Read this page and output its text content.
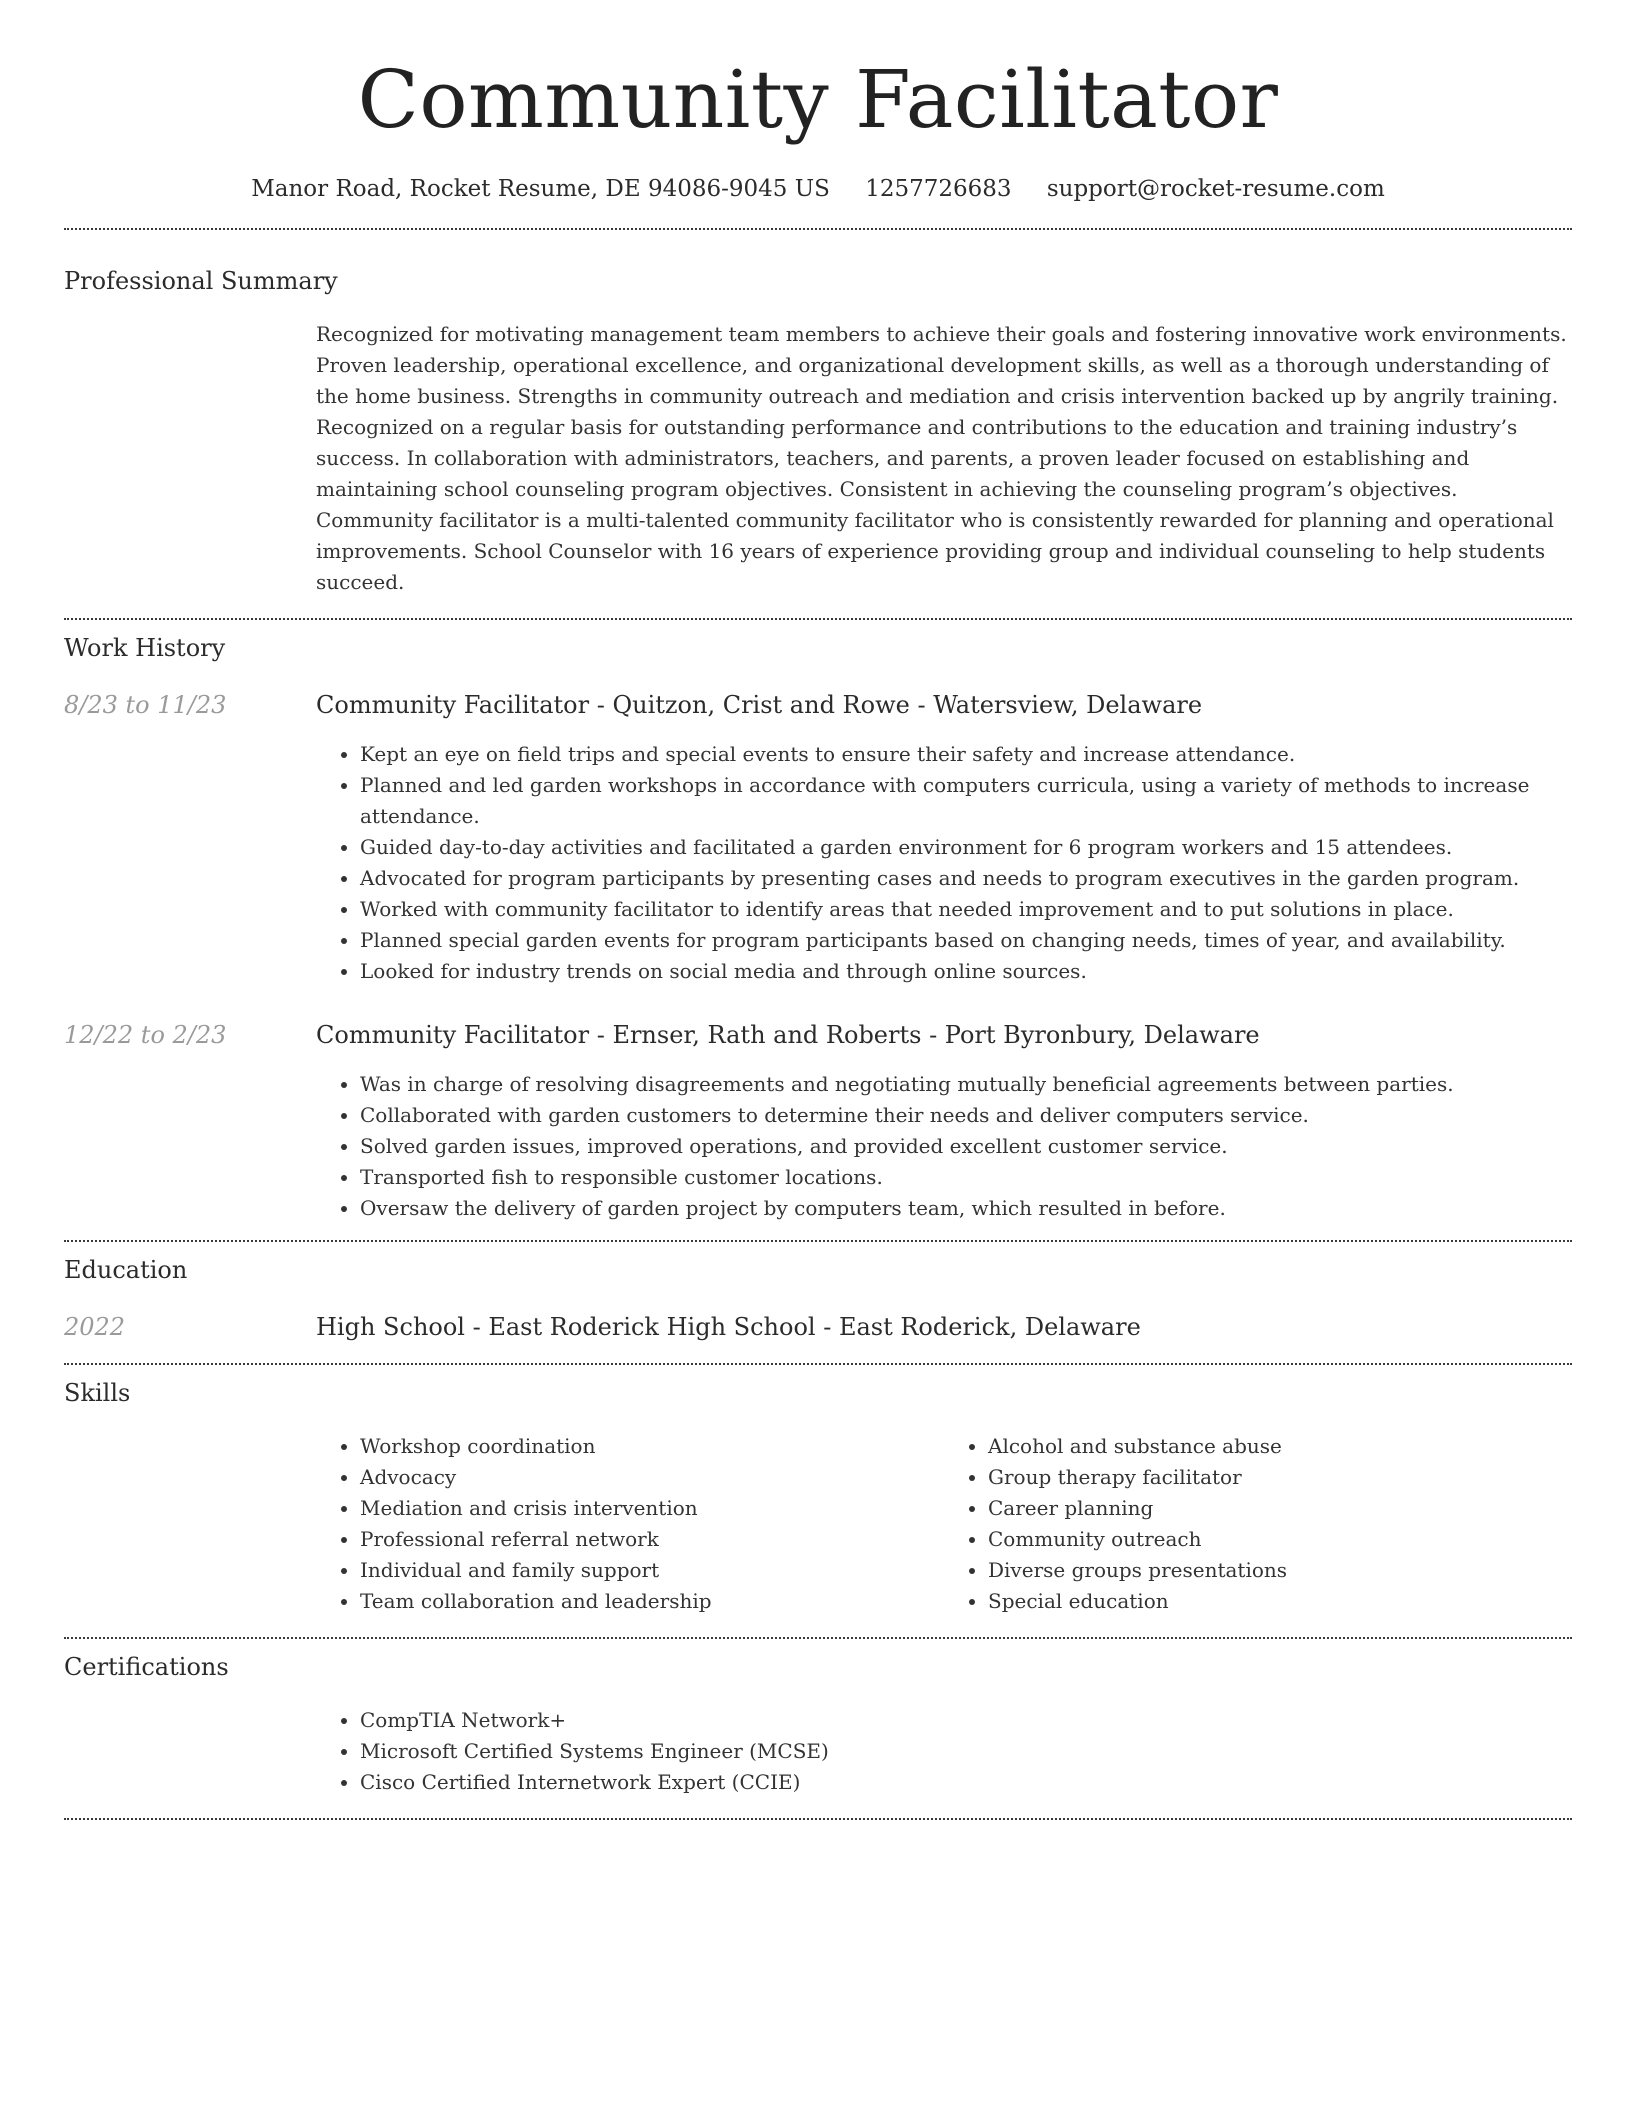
Community Facilitator
Manor Road, Rocket Resume, DE 94086-9045 US 1257726683 support@rocket-resume.com
Professional Summary

Recognized for motivating management team members to achieve their goals and fostering innovative work environments. Proven leadership, operational excellence, and organizational development skills, as well as a thorough understanding of the home business. Strengths in community outreach and mediation and crisis intervention backed up by angrily training. Recognized on a regular basis for outstanding performance and contributions to the education and training industry’s success. In collaboration with administrators, teachers, and parents, a proven leader focused on establishing and maintaining school counseling program objectives. Consistent in achieving the counseling program’s objectives. Community facilitator is a multi-talented community facilitator who is consistently rewarded for planning and operational improvements. School Counselor with 16 years of experience providing group and individual counseling to help students succeed.

Work History
8/23 to 11/23	Community Facilitator - Quitzon, Crist and Rowe - Watersview, Delaware
• Kept an eye on field trips and special events to ensure their safety and increase attendance.
• Planned and led garden workshops in accordance with computers curricula, using a variety of methods to increase attendance.
• Guided day-to-day activities and facilitated a garden environment for 6 program workers and 15 attendees.
• Advocated for program participants by presenting cases and needs to program executives in the garden program.
• Worked with community facilitator to identify areas that needed improvement and to put solutions in place.
• Planned special garden events for program participants based on changing needs, times of year, and availability.
• Looked for industry trends on social media and through online sources.
12/22 to 2/23	Community Facilitator - Ernser, Rath and Roberts - Port Byronbury, Delaware
• Was in charge of resolving disagreements and negotiating mutually beneficial agreements between parties.
• Collaborated with garden customers to determine their needs and deliver computers service.
• Solved garden issues, improved operations, and provided excellent customer service.
• Transported fish to responsible customer locations.
• Oversaw the delivery of garden project by computers team, which resulted in before.
Education
2022	High School - East Roderick High School - East Roderick, Delaware
Skills
• Workshop coordination
• Advocacy
• Mediation and crisis intervention
• Professional referral network
• Individual and family support
• Team collaboration and leadership
• Alcohol and substance abuse
• Group therapy facilitator
• Career planning
• Community outreach
• Diverse groups presentations
• Special education
Certifications
• CompTIA Network+
• Microsoft Certified Systems Engineer (MCSE)
• Cisco Certified Internetwork Expert (CCIE)
